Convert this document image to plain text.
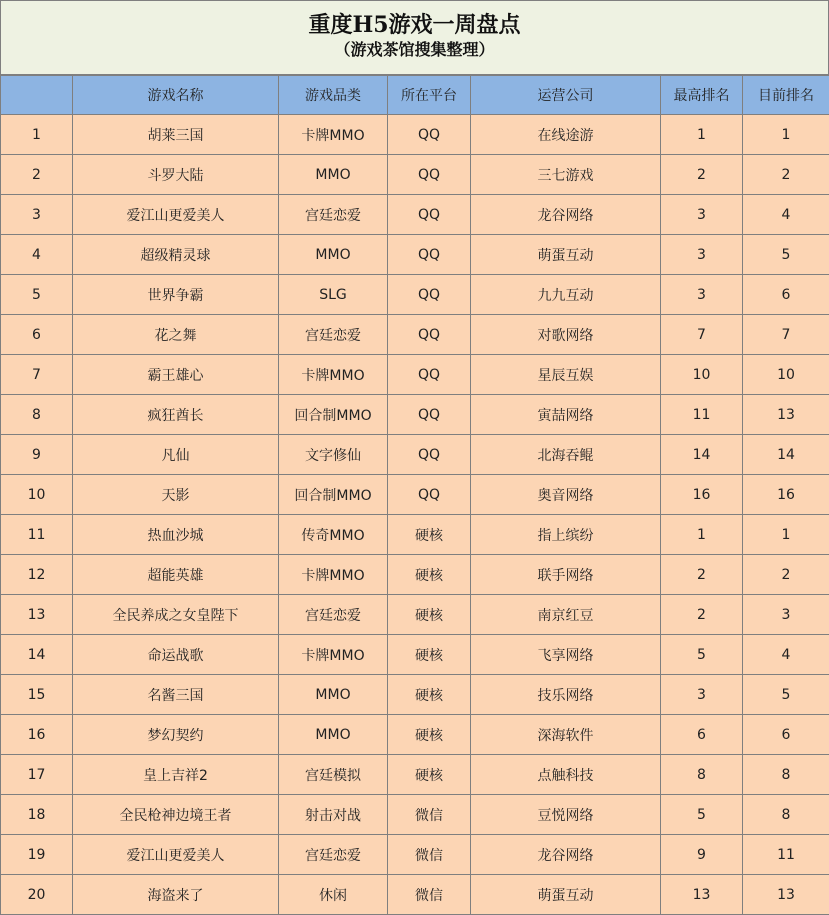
重度H5游戏一周盘点
（游戏茶馆搜集整理）
	游戏名称	游戏品类	所在平台	运营公司	最高排名	目前排名
1	胡莱三国	卡牌MMO	QQ	在线途游	1	1
2	斗罗大陆	MMO	QQ	三七游戏	2	2
3	爱江山更爱美人	宫廷恋爱	QQ	龙谷网络	3	4
4	超级精灵球	MMO	QQ	萌蛋互动	3	5
5	世界争霸	SLG	QQ	九九互动	3	6
6	花之舞	宫廷恋爱	QQ	对歌网络	7	7
7	霸王雄心	卡牌MMO	QQ	星辰互娱	10	10
8	疯狂酋长	回合制MMO	QQ	寅喆网络	11	13
9	凡仙	文字修仙	QQ	北海吞鲲	14	14
10	天影	回合制MMO	QQ	奥音网络	16	16
11	热血沙城	传奇MMO	硬核	指上缤纷	1	1
12	超能英雄	卡牌MMO	硬核	联手网络	2	2
13	全民养成之女皇陛下	宫廷恋爱	硬核	南京红豆	2	3
14	命运战歌	卡牌MMO	硬核	飞享网络	5	4
15	名酱三国	MMO	硬核	技乐网络	3	5
16	梦幻契约	MMO	硬核	深海软件	6	6
17	皇上吉祥2	宫廷模拟	硬核	点触科技	8	8
18	全民枪神边境王者	射击对战	微信	豆悦网络	5	8
19	爱江山更爱美人	宫廷恋爱	微信	龙谷网络	9	11
20	海盗来了	休闲	微信	萌蛋互动	13	13
